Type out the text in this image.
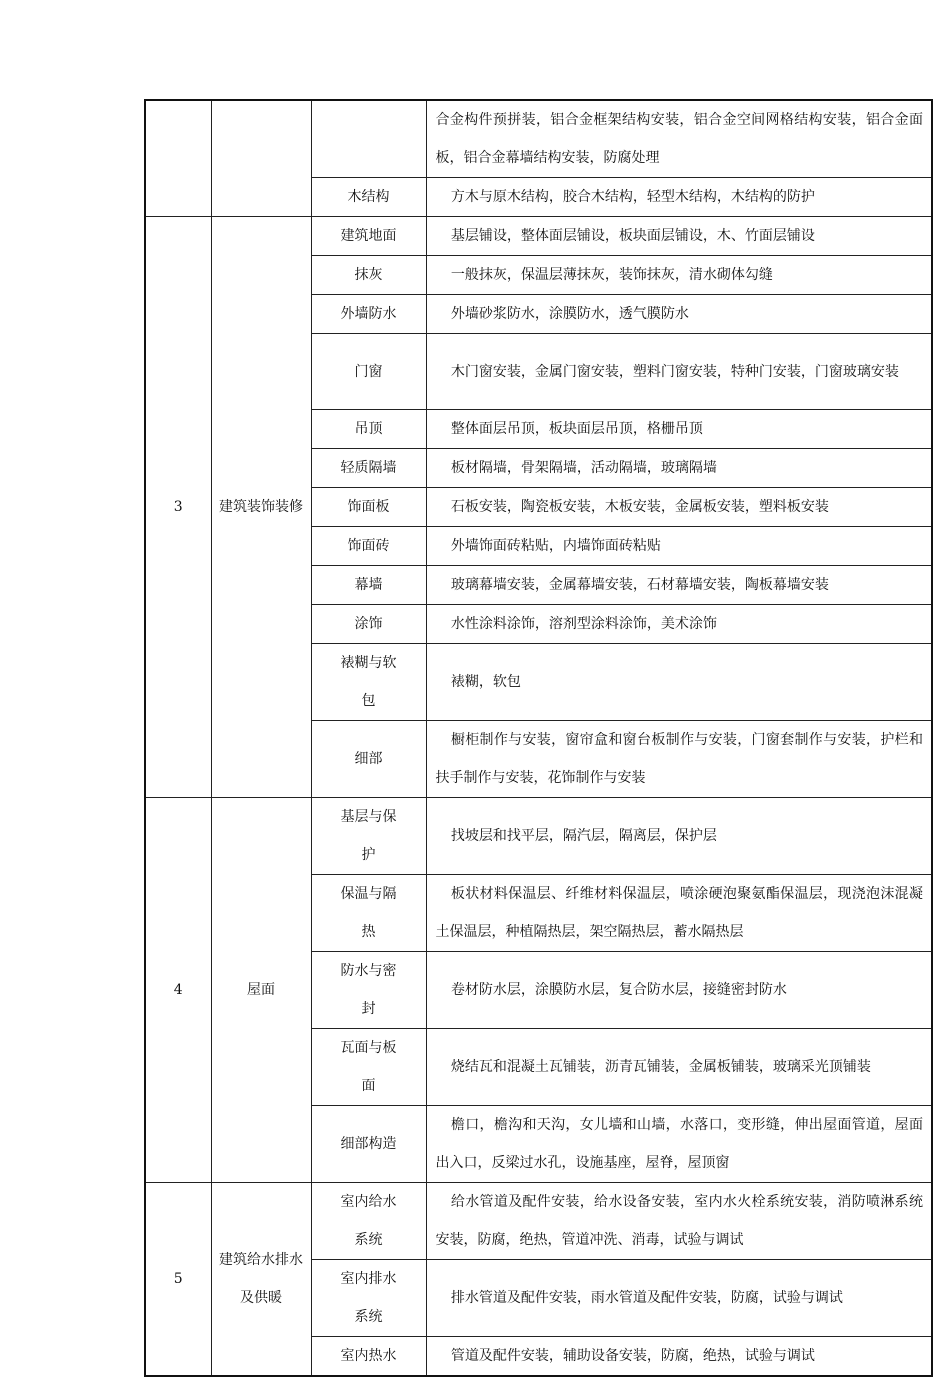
			合金构件预拼装，铝合金框架结构安装，铝合金空间网格结构安装，铝合金面板，铝合金幕墙结构安装，防腐处理

		木结构	方木与原木结构，胶合木结构，轻型木结构，木结构的防护

3	建筑装饰装修	建筑地面	基层铺设，整体面层铺设，板块面层铺设，木、竹面层铺设

		抹灰	一般抹灰，保温层薄抹灰，装饰抹灰，清水砌体勾缝

		外墙防水	外墙砂浆防水，涂膜防水，透气膜防水

		门窗	木门窗安装，金属门窗安装，塑料门窗安装，特种门安装，门窗玻璃安装

		吊顶	整体面层吊顶，板块面层吊顶，格栅吊顶

		轻质隔墙	板材隔墙，骨架隔墙，活动隔墙，玻璃隔墙

		饰面板	石板安装，陶瓷板安装，木板安装，金属板安装，塑料板安装

		饰面砖	外墙饰面砖粘贴，内墙饰面砖粘贴

		幕墙	玻璃幕墙安装，金属幕墙安装，石材幕墙安装，陶板幕墙安装

		涂饰	水性涂料涂饰，溶剂型涂料涂饰，美术涂饰

		裱糊与软包	裱糊，软包

		细部	橱柜制作与安装，窗帘盒和窗台板制作与安装，门窗套制作与安装，护栏和扶手制作与安装，花饰制作与安装

4	屋面	基层与保护	找坡层和找平层，隔汽层，隔离层，保护层

		保温与隔热	板状材料保温层、纤维材料保温层，喷涂硬泡聚氨酯保温层，现浇泡沫混凝土保温层，种植隔热层，架空隔热层，蓄水隔热层

		防水与密封	卷材防水层，涂膜防水层，复合防水层，接缝密封防水

		瓦面与板面	烧结瓦和混凝土瓦铺装，沥青瓦铺装，金属板铺装，玻璃采光顶铺装

		细部构造	檐口，檐沟和天沟，女儿墙和山墙，水落口，变形缝，伸出屋面管道，屋面出入口，反梁过水孔，设施基座，屋脊，屋顶窗

5	建筑给水排水及供暖	室内给水系统	给水管道及配件安装，给水设备安装，室内水火栓系统安装，消防喷淋系统安装，防腐，绝热，管道冲洗、消毒，试验与调试

		室内排水系统	排水管道及配件安装，雨水管道及配件安装，防腐，试验与调试

		室内热水	管道及配件安装，辅助设备安装，防腐，绝热，试验与调试
